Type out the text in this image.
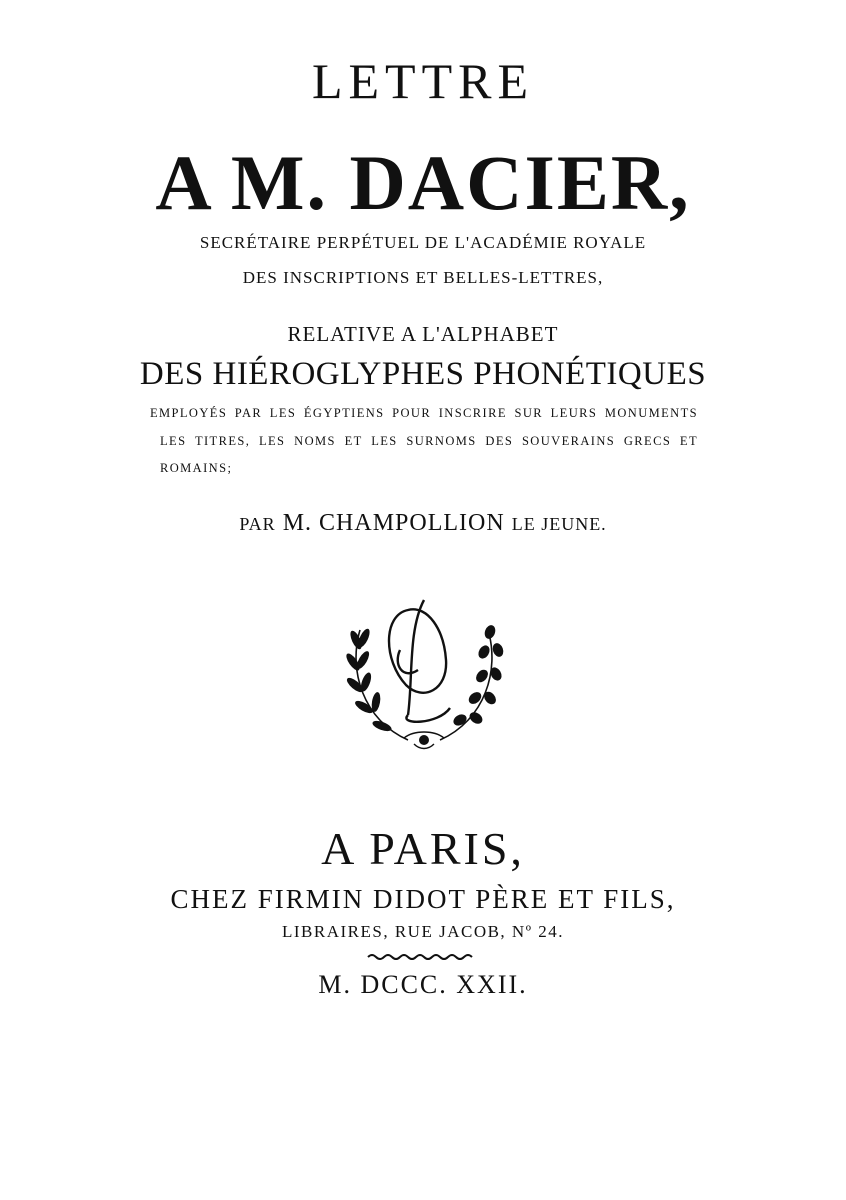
LETTRE
A M. DACIER,
SECRÉTAIRE PERPÉTUEL DE L'ACADÉMIE ROYALE
DES INSCRIPTIONS ET BELLES-LETTRES,
RELATIVE A L'ALPHABET
DES HIÉROGLYPHES PHONÉTIQUES
EMPLOYÉS PAR LES ÉGYPTIENS POUR INSCRIRE SUR LEURS MONUMENTS
LES TITRES, LES NOMS ET LES SURNOMS DES SOUVERAINS GRECS ET
ROMAINS;
PAR M. CHAMPOLLION LE JEUNE.
A PARIS,
CHEZ FIRMIN DIDOT PÈRE ET FILS,
LIBRAIRES, RUE JACOB, Nº 24.
M. DCCC. XXII.
